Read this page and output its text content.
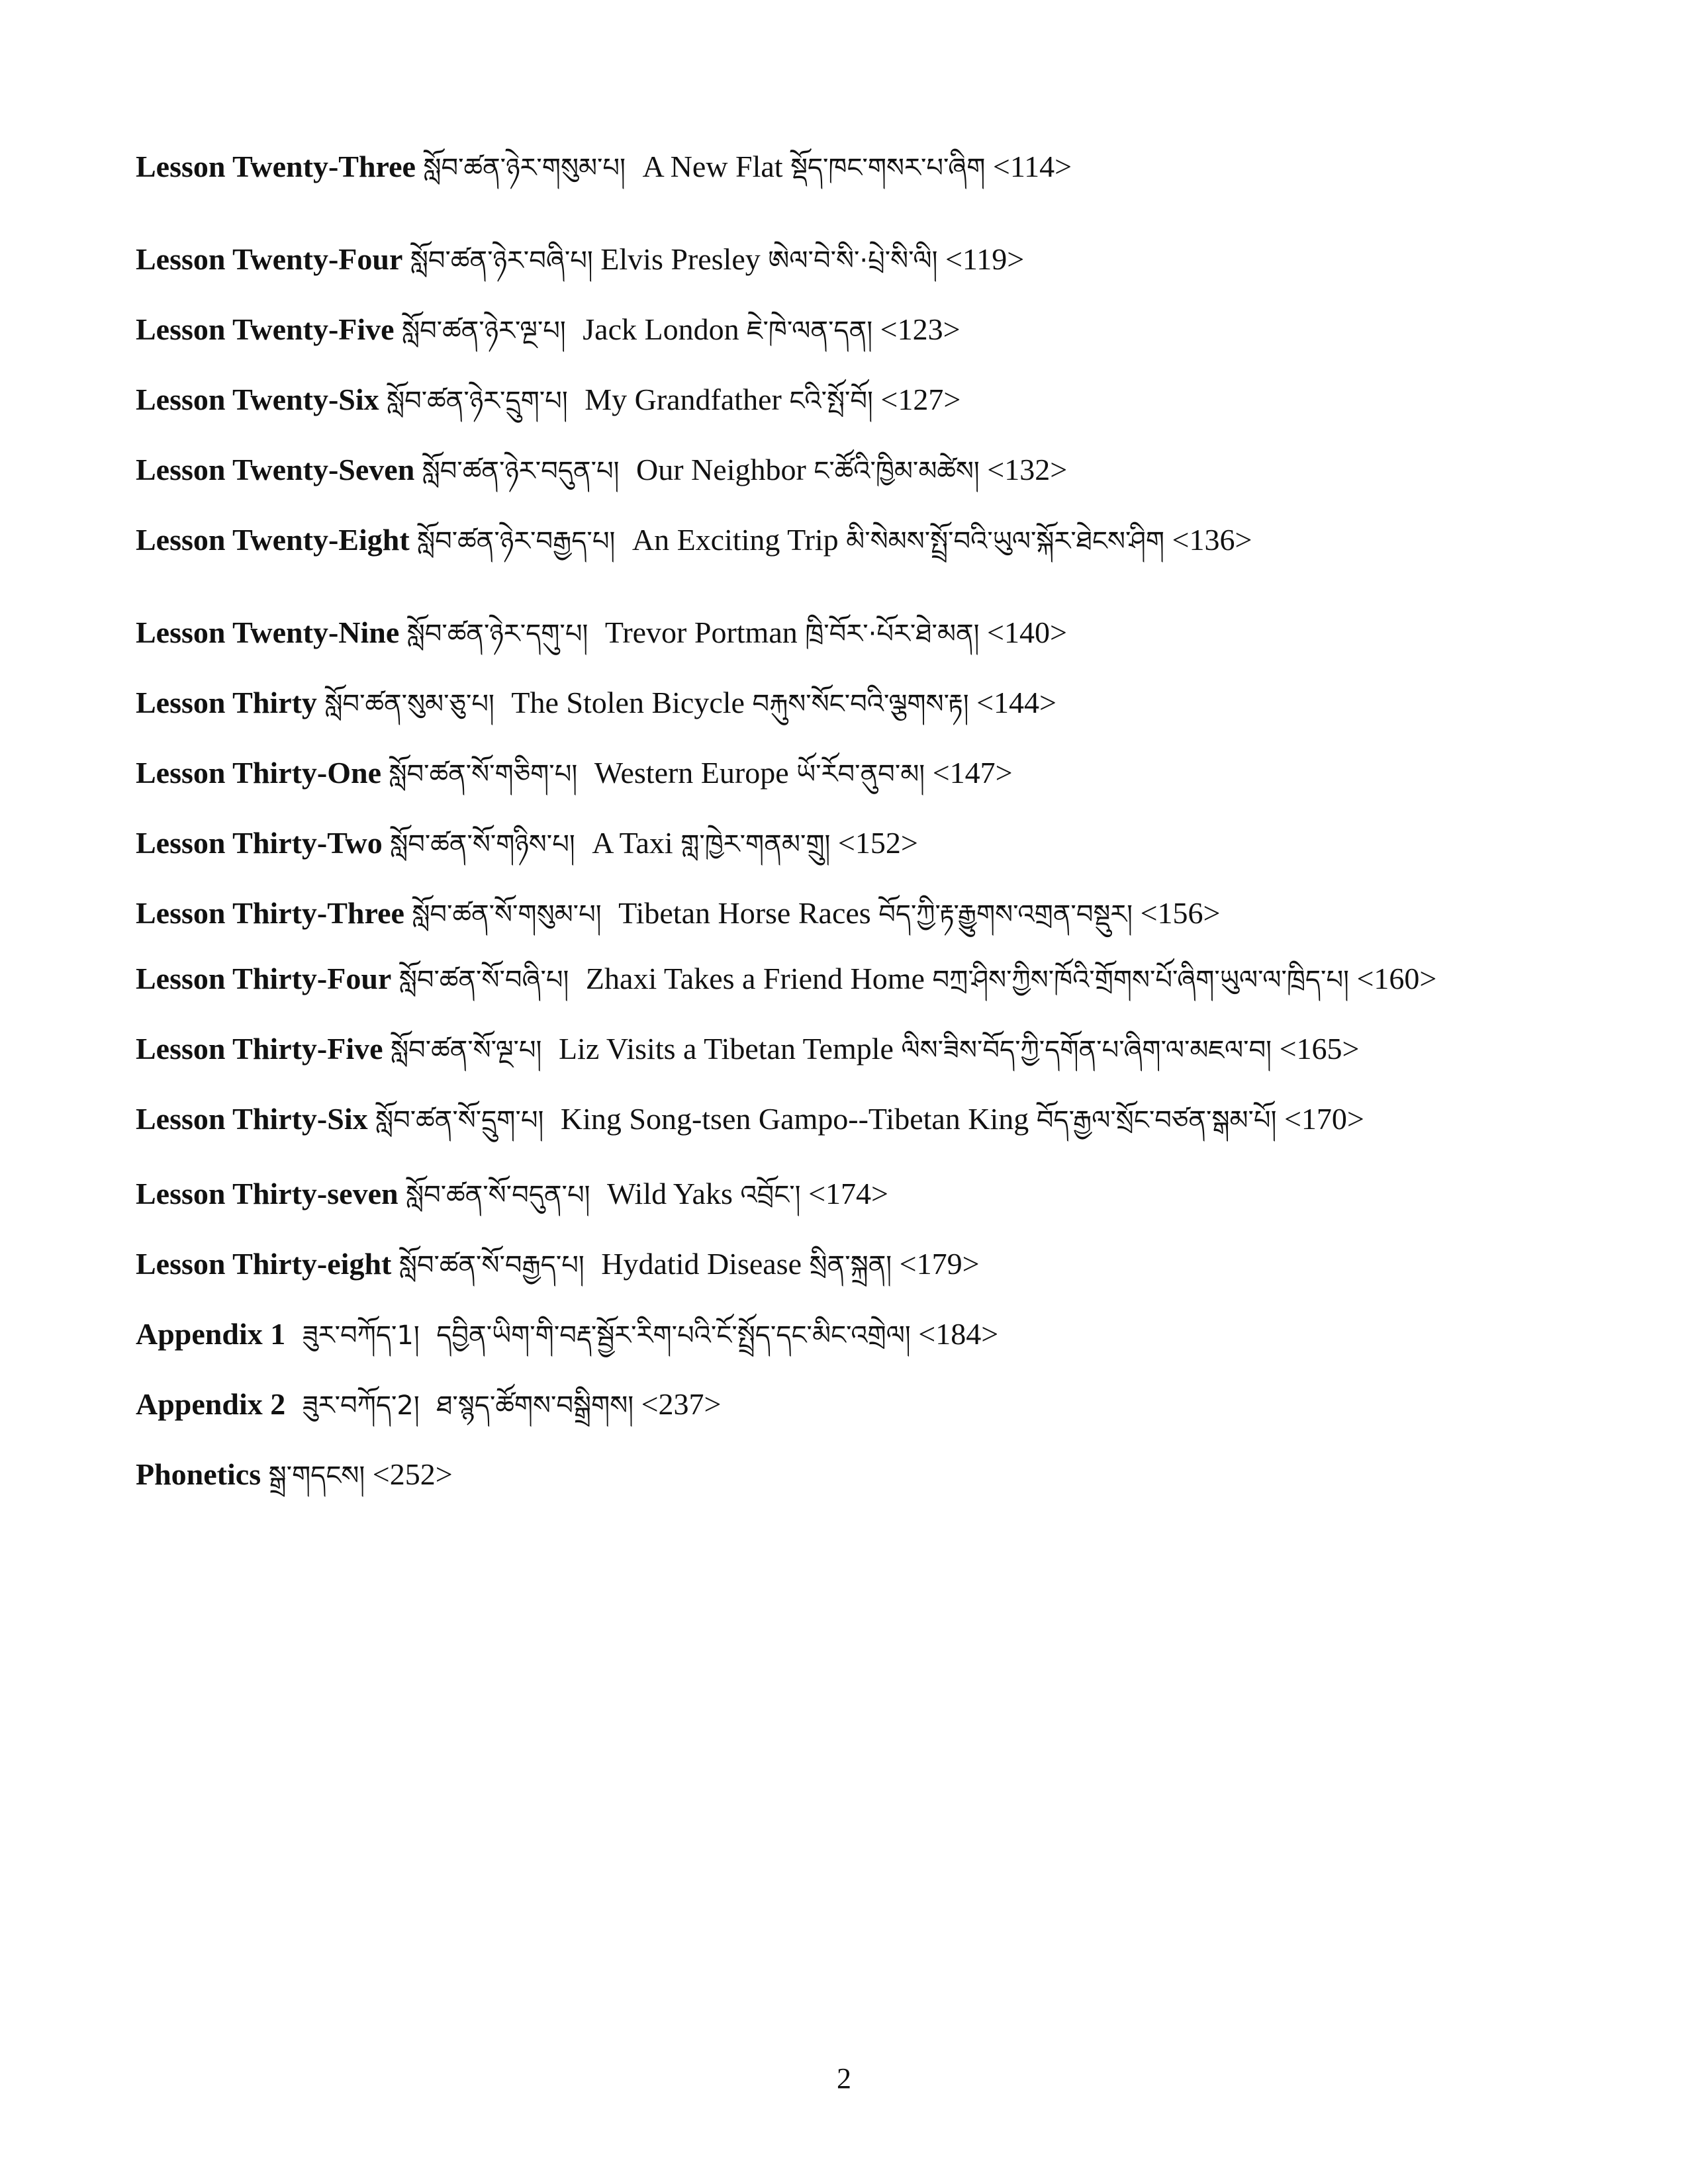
Lesson Twenty-Three སློབ་ཚན་ཉེར་གསུམ་པ། A New Flat སྡོད་ཁང་གསར་པ་ཞིག <114>
Lesson Twenty-Four སློབ་ཚན་ཉེར་བཞི་པ། Elvis Presley ཨེལ་བེ་སི་·པྲེ་སི་ལི། <119>
Lesson Twenty-Five སློབ་ཚན་ཉེར་ལྔ་པ། Jack London ཇེ་ཁེ་ལན་དན། <123>
Lesson Twenty-Six སློབ་ཚན་ཉེར་དྲུག་པ། My Grandfather ངའི་སྤོ་བོ། <127>
Lesson Twenty-Seven སློབ་ཚན་ཉེར་བདུན་པ། Our Neighbor ང་ཚོའི་ཁྱིམ་མཚེས། <132>
Lesson Twenty-Eight སློབ་ཚན་ཉེར་བརྒྱད་པ། An Exciting Trip མི་སེམས་སྤྲོ་བའི་ཡུལ་སྐོར་ཐེངས་ཤིག <136>
Lesson Twenty-Nine སློབ་ཚན་ཉེར་དགུ་པ། Trevor Portman ཁྲི་བོར་·པོར་ཐེ་མན། <140>
Lesson Thirty སློབ་ཚན་སུམ་ཅུ་པ། The Stolen Bicycle བརྐུས་སོང་བའི་ལྕགས་རྟ། <144>
Lesson Thirty-One སློབ་ཚན་སོ་གཅིག་པ། Western Europe ཡོ་རོབ་ནུབ་མ། <147>
Lesson Thirty-Two སློབ་ཚན་སོ་གཉིས་པ། A Taxi གླ་ཁྱེར་གནམ་གྲུ། <152>
Lesson Thirty-Three སློབ་ཚན་སོ་གསུམ་པ། Tibetan Horse Races བོད་ཀྱི་རྟ་རྒྱུགས་འགྲན་བསྡུར། <156>
Lesson Thirty-Four སློབ་ཚན་སོ་བཞི་པ། Zhaxi Takes a Friend Home བཀྲ་ཤིས་ཀྱིས་ཁོའི་གྲོགས་པོ་ཞིག་ཡུལ་ལ་ཁྲིད་པ། <160>
Lesson Thirty-Five སློབ་ཚན་སོ་ལྔ་པ། Liz Visits a Tibetan Temple ལིས་ཟིས་བོད་ཀྱི་དགོན་པ་ཞིག་ལ་མཇལ་བ། <165>
Lesson Thirty-Six སློབ་ཚན་སོ་དྲུག་པ། King Song-tsen Gampo--Tibetan King བོད་རྒྱལ་སྲོང་བཙན་སྒམ་པོ། <170>
Lesson Thirty-seven སློབ་ཚན་སོ་བདུན་པ། Wild Yaks འབྲོང་། <174>
Lesson Thirty-eight སློབ་ཚན་སོ་བརྒྱད་པ། Hydatid Disease སྲིན་སྐྲན། <179>
Appendix 1 ཟུར་བཀོད་1། དབྱིན་ཡིག་གི་བརྡ་སྦྱོར་རིག་པའི་ངོ་སྤྲོད་དང་མིང་འགྲེལ། <184>
Appendix 2 ཟུར་བཀོད་2། ཐ་སྙད་ཚོགས་བསྒྲིགས། <237>
Phonetics སྒྲ་གདངས། <252>
2
